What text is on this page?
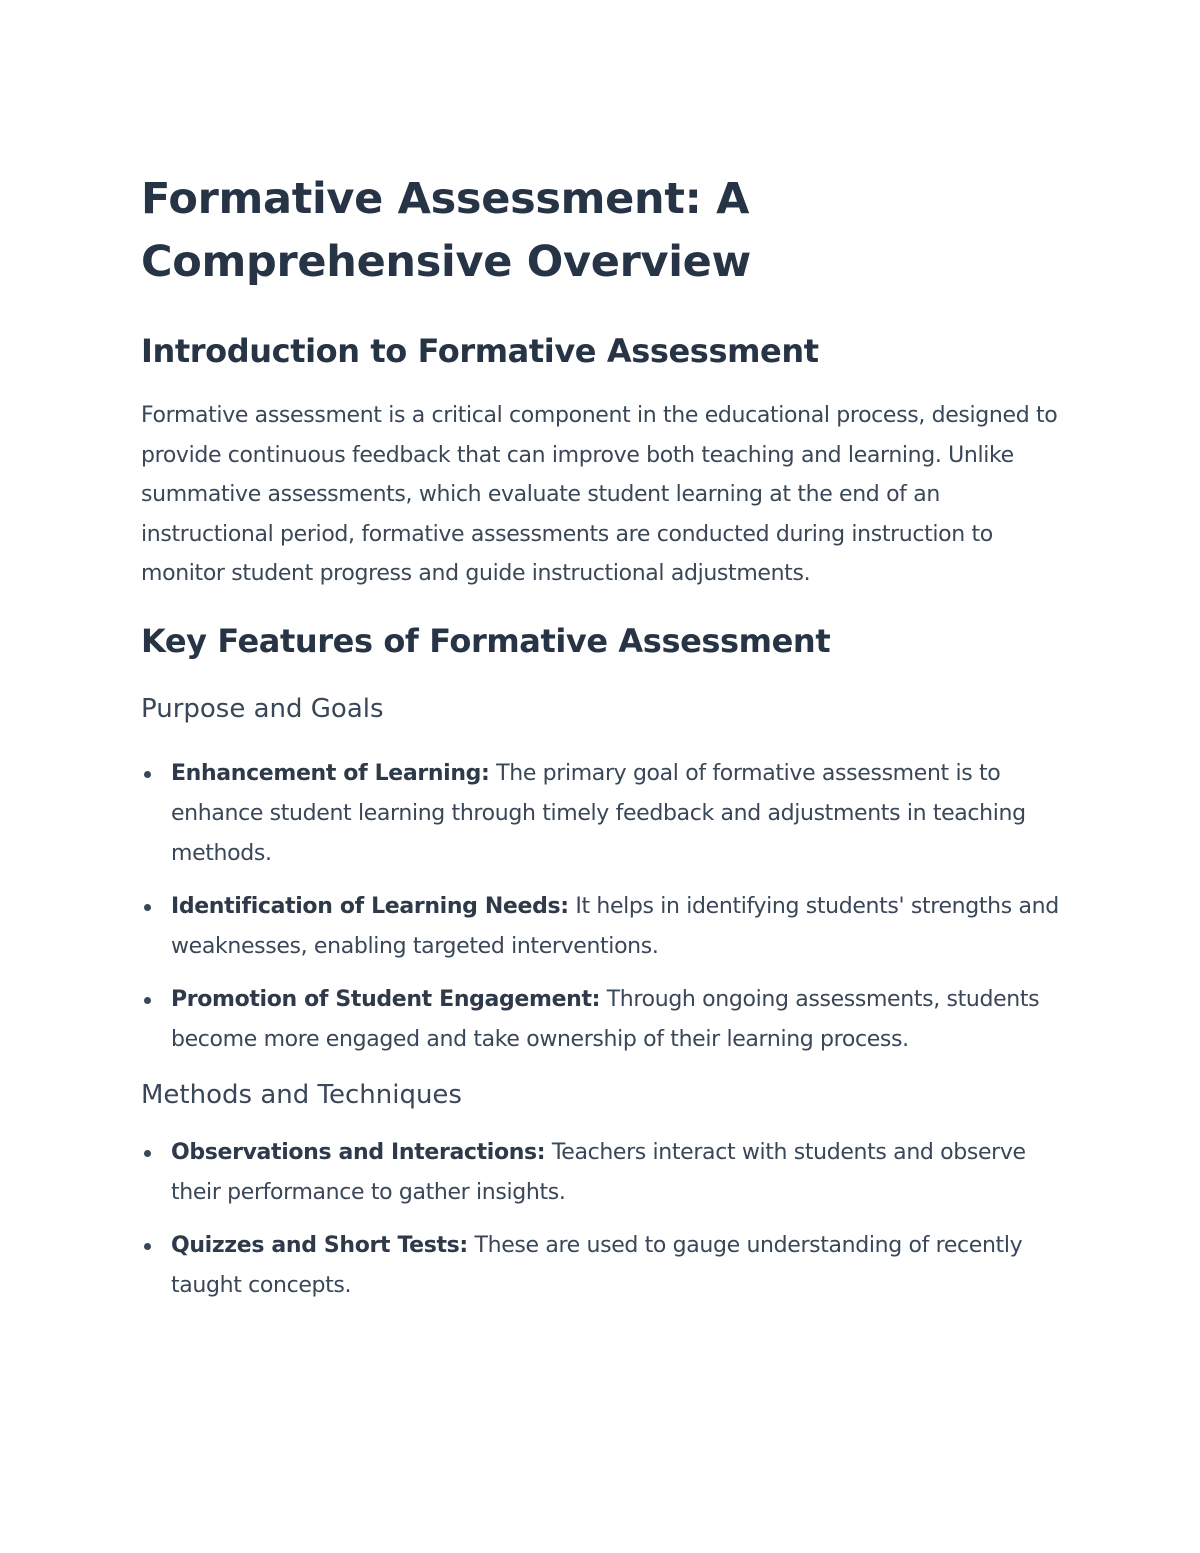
Formative Assessment: A Comprehensive Overview
Introduction to Formative Assessment

Formative assessment is a critical component in the educational process, designed to provide continuous feedback that can improve both teaching and learning. Unlike summative assessments, which evaluate student learning at the end of an instructional period, formative assessments are conducted during instruction to monitor student progress and guide instructional adjustments.

Key Features of Formative Assessment
Purpose and Goals
Enhancement of Learning: The primary goal of formative assessment is to enhance student learning through timely feedback and adjustments in teaching methods.
Identification of Learning Needs: It helps in identifying students' strengths and weaknesses, enabling targeted interventions.
Promotion of Student Engagement: Through ongoing assessments, students become more engaged and take ownership of their learning process.
Methods and Techniques
Observations and Interactions: Teachers interact with students and observe their performance to gather insights.
Quizzes and Short Tests: These are used to gauge understanding of recently taught concepts.
